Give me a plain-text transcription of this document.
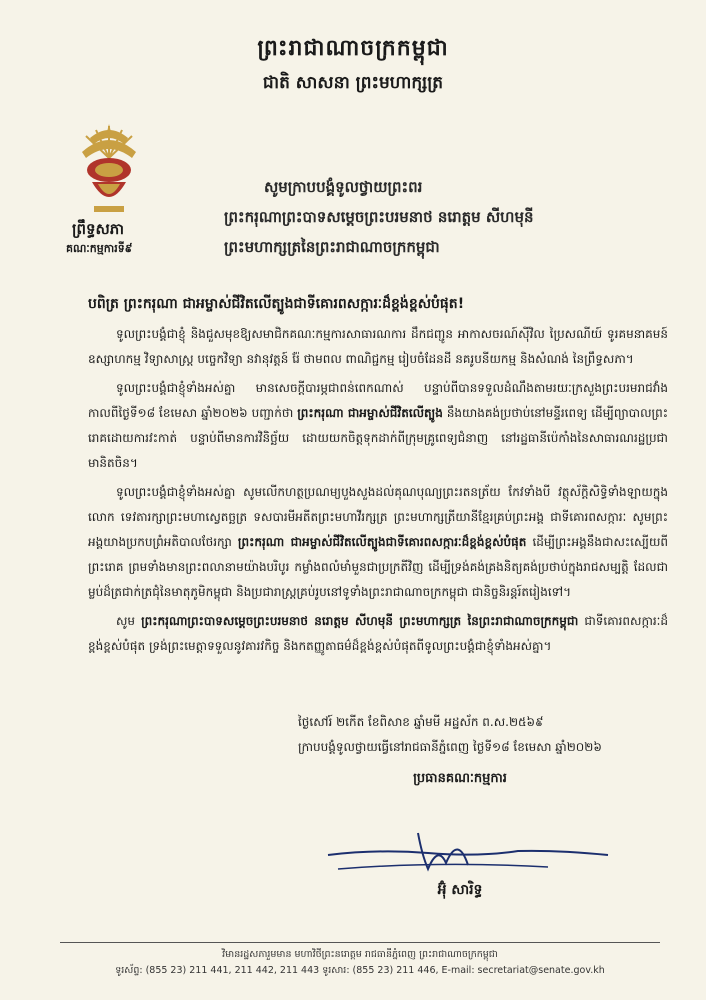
ព្រះរាជាណាចក្រកម្ពុជា
ជាតិ សាសនា ព្រះមហាក្សត្រ
ព្រឹទ្ធសភា
គណៈកម្មការទី៩
សូមក្រាបបង្គំទូលថ្វាយព្រះពរ
ព្រះករុណាព្រះបាទសម្តេចព្រះបរមនាថ នរោត្តម សីហមុនី
ព្រះមហាក្សត្រនៃព្រះរាជាណាចក្រកម្ពុជា
បពិត្រ ព្រះករុណា ជាអម្ចាស់ជីវិតលើត្បូងជាទីគោរពសក្ការៈដ៏ខ្ពង់ខ្ពស់បំផុត!

ទូលព្រះបង្គំជាខ្ញុំ និងជួសមុខឱ្យសមាជិកគណៈកម្មការសាធារណការ ដឹកជញ្ជូន អាកាសចរណ៍ស៊ីវិល ប្រៃសណីយ៍ ទូរគមនាគមន៍ ឧស្សាហកម្ម វិទ្យាសាស្ត្រ បច្ចេកវិទ្យា នវានុវត្តន៍ រ៉ែ ថាមពល ពាណិជ្ជកម្ម រៀបចំដែនដី នគរូបនីយកម្ម និងសំណង់ នៃព្រឹទ្ធសភា។

ទូលព្រះបង្គំជាខ្ញុំទាំងអស់គ្នា មានសេចក្តីបារម្ភជាពន់ពេកណាស់ បន្ទាប់ពីបានទទួលដំណឹងតាមរយៈក្រសួងព្រះបរមរាជវាំង កាលពីថ្ងៃទី១៨ ខែមេសា ឆ្នាំ២០២៦ បញ្ជាក់ថា ព្រះករុណា ជាអម្ចាស់ជីវិតលើត្បូង នឹងយាងគង់ប្រថាប់នៅមន្ទីរពេទ្យ ដើម្បីព្យាបាលព្រះរោគដោយការវះកាត់ បន្ទាប់ពីមានការវិនិច្ឆ័យ ដោយយកចិត្តទុកដាក់ពីក្រុមគ្រូពេទ្យជំនាញ នៅរដ្ឋធានីប៉េកាំងនៃសាធារណរដ្ឋប្រជាមានិតចិន។

ទូលព្រះបង្គំជាខ្ញុំទាំងអស់គ្នា សូមលើកហត្ថប្រណម្យបួងសួងដល់គុណបុណ្យព្រះរតនត្រ័យ កែវទាំងបី វត្ថុស័ក្តិសិទ្ធិទាំងឡាយក្នុងលោក ទេវតារក្សាព្រះមហាស្វេតច្ឆត្រ ទសបារមីអតីតព្រះមហាវីរក្សត្រ ព្រះមហាក្សត្រីយានីខ្មែរគ្រប់ព្រះអង្គ ជាទីគោរពសក្ការៈ សូមព្រះអង្គយាងប្រកបព្រំអតិបាលថែរក្សា ព្រះករុណា ជាអម្ចាស់ជីវិតលើត្បូងជាទីគោរពសក្ការៈដ៏ខ្ពង់ខ្ពស់បំផុត ដើម្បីព្រះអង្គនឹងជាសះស្បើយពីព្រះរោគ ព្រមទាំងមានព្រះពលានាមយ៉ាងបរិបូរ កម្លាំងពលំមាំមួនជាប្រក្រតីវិញ ដើម្បីទ្រង់គង់គ្រងនិត្យគង់ប្រថាប់ក្នុងរាជសម្បត្តិ ដែលជាម្លប់ដ៏ត្រជាក់ត្រជុំនៃមាតុភូមិកម្ពុជា និងប្រជារាស្ត្រគ្រប់រូបនៅទូទាំងព្រះរាជាណាចក្រកម្ពុជា ជានិច្ចនិរន្តរ៍តរៀងទៅ។

សូម ព្រះករុណាព្រះបាទសម្តេចព្រះបរមនាថ នរោត្តម សីហមុនី ព្រះមហាក្សត្រ នៃព្រះរាជាណាចក្រកម្ពុជា ជាទីគោរពសក្ការៈដ៏ខ្ពង់ខ្ពស់បំផុត ទ្រង់ព្រះមេត្តាទទួលនូវគារវកិច្ច និងកតញ្ញូតាធម៌ដ៏ខ្ពង់ខ្ពស់បំផុតពីទូលព្រះបង្គំជាខ្ញុំទាំងអស់គ្នា។

ថ្ងៃសៅរ៍ ២កើត ខែពិសាខ ឆ្នាំមមី អដ្ឋស័ក ព.ស.២៥៦៩
ក្រាបបង្គំទូលថ្វាយធ្វើនៅរាជធានីភ្នំពេញ ថ្ងៃទី១៨ ខែមេសា ឆ្នាំ២០២៦
ប្រធានគណៈកម្មការ
អ៊ុំ សារិទ្ធ
វិមានរដ្ឋសភារួមមាន មហាវិថីព្រះនរោត្តម រាជធានីភ្នំពេញ ព្រះរាជាណាចក្រកម្ពុជា
ទូរស័ព្ទ: (855 23) 211 441, 211 442, 211 443 ទូរសារ: (855 23) 211 446, E-mail: secretariat@senate.gov.kh
